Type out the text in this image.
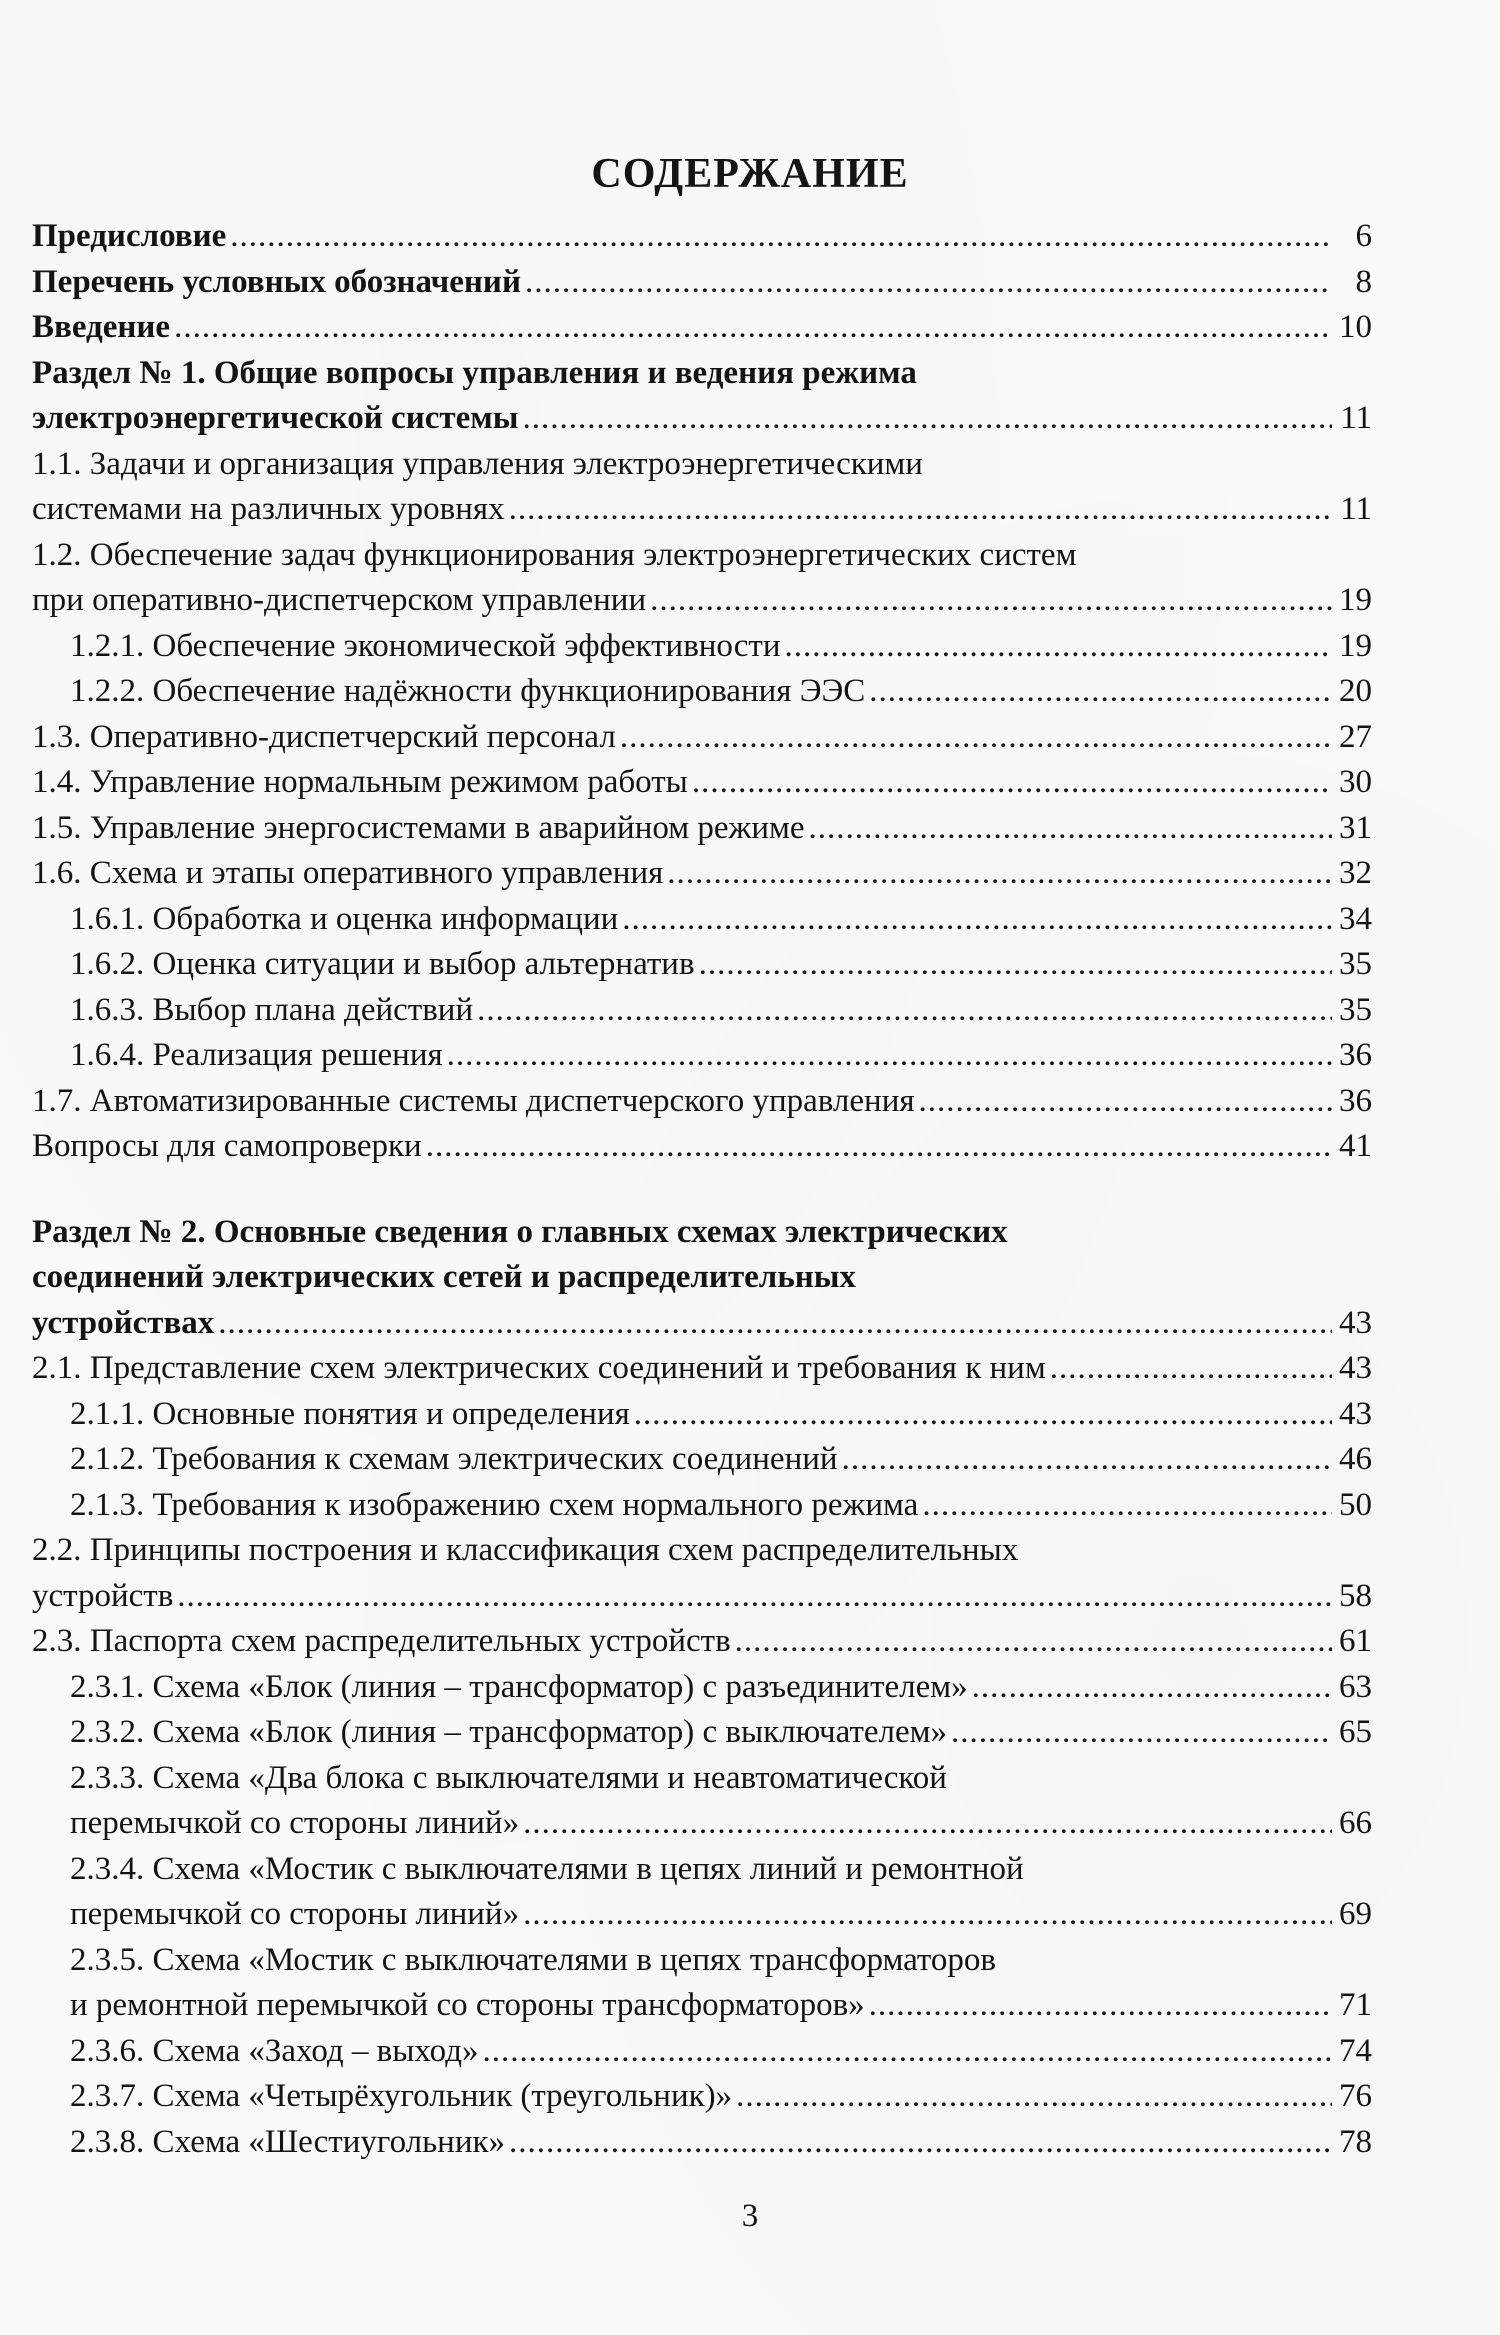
СОДЕРЖАНИЕ
Предисловие .....	6
Перечень условных обозначений .....	8
Введение .....	10
Раздел № 1. Общие вопросы управления и ведения режима
электроэнергетической системы .....	11
1.1. Задачи и организация управления электроэнергетическими
системами на различных уровнях .....	11
1.2. Обеспечение задач функционирования электроэнергетических систем
при оперативно-диспетчерском управлении .....	19
1.2.1. Обеспечение экономической эффективности .....	19
1.2.2. Обеспечение надёжности функционирования ЭЭС .....	20
1.3. Оперативно-диспетчерский персонал .....	27
1.4. Управление нормальным режимом работы .....	30
1.5. Управление энергосистемами в аварийном режиме .....	31
1.6. Схема и этапы оперативного управления .....	32
1.6.1. Обработка и оценка информации .....	34
1.6.2. Оценка ситуации и выбор альтернатив .....	35
1.6.3. Выбор плана действий .....	35
1.6.4. Реализация решения .....	36
1.7. Автоматизированные системы диспетчерского управления .....	36
Вопросы для самопроверки .....	41
Раздел № 2. Основные сведения о главных схемах электрических
соединений электрических сетей и распределительных
устройствах .....	43
2.1. Представление схем электрических соединений и требования к ним .....	43
2.1.1. Основные понятия и определения .....	43
2.1.2. Требования к схемам электрических соединений .....	46
2.1.3. Требования к изображению схем нормального режима .....	50
2.2. Принципы построения и классификация схем распределительных
устройств .....	58
2.3. Паспорта схем распределительных устройств .....	61
2.3.1. Схема «Блок (линия – трансформатор) с разъединителем» .....	63
2.3.2. Схема «Блок (линия – трансформатор) с выключателем» .....	65
2.3.3. Схема «Два блока с выключателями и неавтоматической
перемычкой со стороны линий» .....	66
2.3.4. Схема «Мостик с выключателями в цепях линий и ремонтной
перемычкой со стороны линий» .....	69
2.3.5. Схема «Мостик с выключателями в цепях трансформаторов
и ремонтной перемычкой со стороны трансформаторов» .....	71
2.3.6. Схема «Заход – выход» .....	74
2.3.7. Схема «Четырёхугольник (треугольник)» .....	76
2.3.8. Схема «Шестиугольник» .....	78
3
